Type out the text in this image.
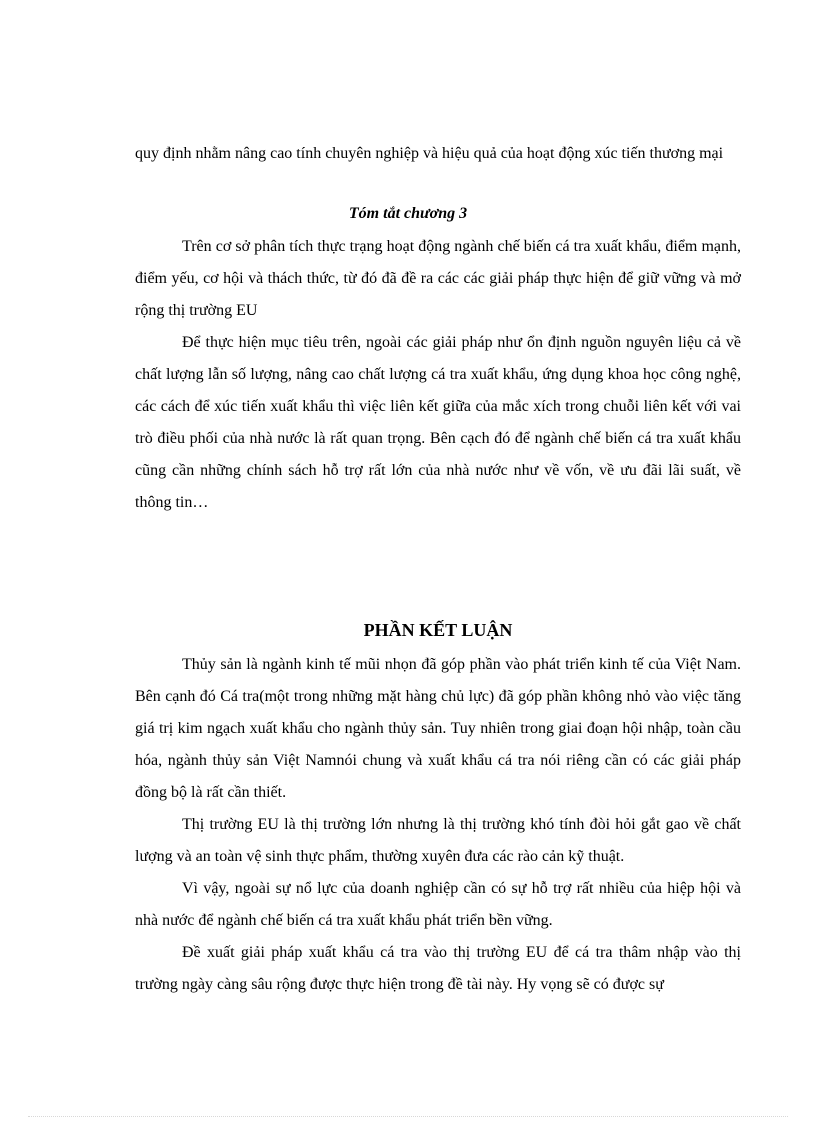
quy định nhằm nâng cao tính chuyên nghiệp và hiệu quả của hoạt động xúc tiến thương mại

Tóm tắt chương 3

Trên cơ sở phân tích thực trạng hoạt động ngành chế biến cá tra xuất khẩu, điểm mạnh, điểm yếu, cơ hội và thách thức, từ đó đã đề ra các các giải pháp thực hiện để giữ vững và mở rộng thị trường EU

Để thực hiện mục tiêu trên, ngoài các giải pháp như ổn định nguồn nguyên liệu cả về chất lượng lẫn số lượng, nâng cao chất lượng cá tra xuất khẩu, ứng dụng khoa học công nghệ, các cách để xúc tiến xuất khẩu thì việc liên kết giữa của mắc xích trong chuỗi liên kết với vai trò điều phối của nhà nước là rất quan trọng. Bên cạch đó để ngành chế biến cá tra xuất khẩu cũng cần những chính sách hỗ trợ rất lớn của nhà nước như về vốn, về ưu đãi lãi suất, về thông tin…

PHẦN KẾT LUẬN

Thủy sản là ngành kinh tế mũi nhọn đã góp phần vào phát triển kinh tế của Việt Nam. Bên cạnh đó Cá tra(một trong những mặt hàng chủ lực) đã góp phần không nhỏ vào việc tăng giá trị kim ngạch xuất khẩu cho ngành thủy sản. Tuy nhiên trong giai đoạn hội nhập, toàn cầu hóa, ngành thủy sản Việt Namnói chung và xuất khẩu cá tra nói riêng cần có các giải pháp đồng bộ là rất cần thiết.

Thị trường EU là thị trường lớn nhưng là thị trường khó tính đòi hỏi gắt gao về chất lượng và an toàn vệ sinh thực phẩm, thường xuyên đưa các rào cản kỹ thuật.

Vì vậy, ngoài sự nổ lực của doanh nghiệp cần có sự hỗ trợ rất nhiều của hiệp hội và nhà nước để ngành chế biến cá tra xuất khẩu phát triển bền vững.

Đề xuất giải pháp xuất khẩu cá tra vào thị trường EU để cá tra thâm nhập vào thị trường ngày càng sâu rộng được thực hiện trong đề tài này. Hy vọng sẽ có được sự
